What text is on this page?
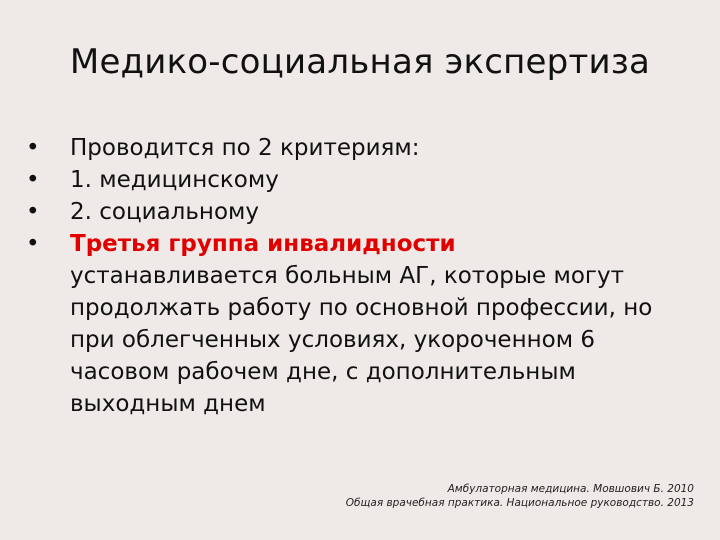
Медико-социальная экспертиза
• Проводится по 2 критериям:
• 1. медицинскому
• 2. социальному
• Третья группа инвалидности
устанавливается больным АГ, которые могут продолжать работу по основной профессии, но при облегченных условиях, укороченном 6 часовом рабочем дне, с дополнительным выходным днем
Амбулаторная медицина. Мовшович Б. 2010
Общая врачебная практика. Национальное руководство. 2013
